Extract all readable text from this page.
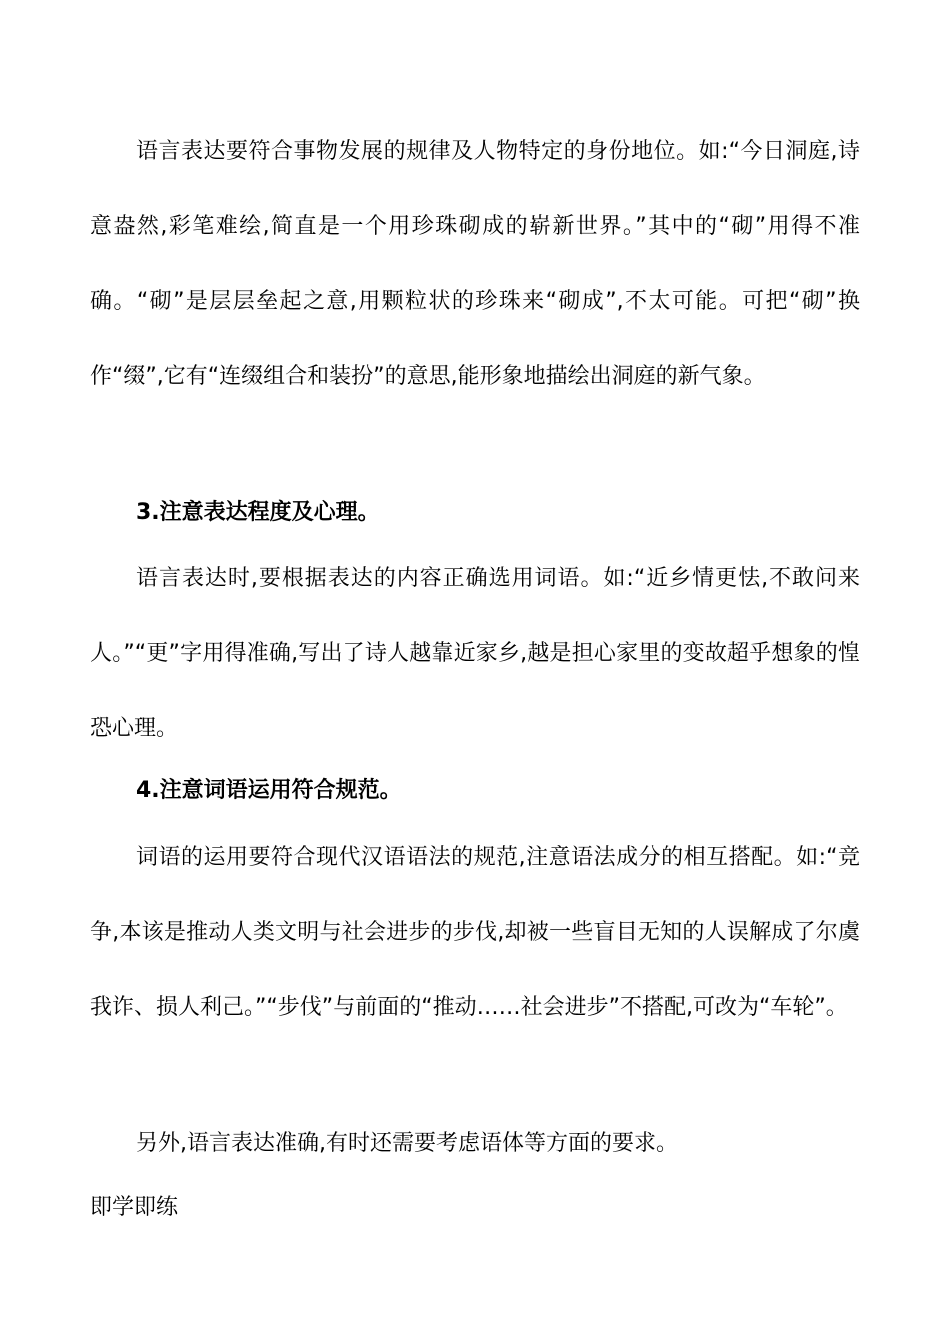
语言表达要符合事物发展的规律及人物特定的身份地位。如:“今日洞庭,诗意盎然,彩笔难绘,简直是一个用珍珠砌成的崭新世界。”其中的“砌”用得不准确。“砌”是层层垒起之意,用颗粒状的珍珠来“砌成”,不太可能。可把“砌”换作“缀”,它有“连缀组合和装扮”的意思,能形象地描绘出洞庭的新气象。

3.注意表达程度及心理。

语言表达时,要根据表达的内容正确选用词语。如:“近乡情更怯,不敢问来人。”“更”字用得准确,写出了诗人越靠近家乡,越是担心家里的变故超乎想象的惶恐心理。

4.注意词语运用符合规范。

词语的运用要符合现代汉语语法的规范,注意语法成分的相互搭配。如:“竞争,本该是推动人类文明与社会进步的步伐,却被一些盲目无知的人误解成了尔虞我诈、损人利己。”“步伐”与前面的“推动……社会进步”不搭配,可改为“车轮”。

另外,语言表达准确,有时还需要考虑语体等方面的要求。

即学即练
